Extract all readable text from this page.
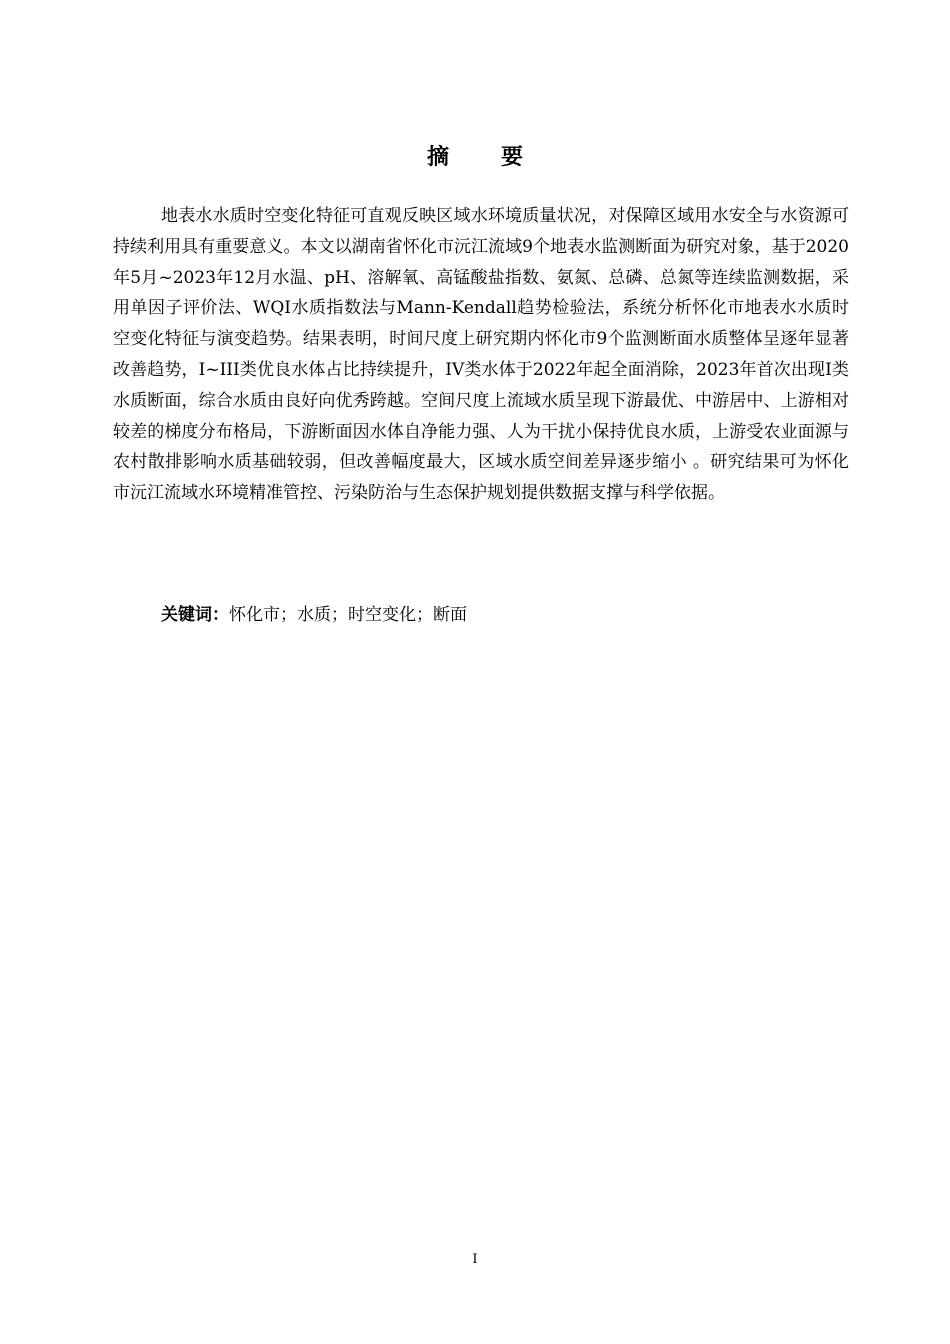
摘要

地表水水质时空变化特征可直观反映区域水环境质量状况，对保障区域用水安全与水资源可持续利用具有重要意义。本文以湖南省怀化市沅江流域9个地表水监测断面为研究对象，基于2020年5月~2023年12月水温、pH、溶解氧、高锰酸盐指数、氨氮、总磷、总氮等连续监测数据，采用单因子评价法、WQI水质指数法与Mann-Kendall趋势检验法，系统分析怀化市地表水水质时空变化特征与演变趋势。结果表明，时间尺度上研究期内怀化市9个监测断面水质整体呈逐年显著改善趋势，I~III类优良水体占比持续提升，IV类水体于2022年起全面消除，2023年首次出现I类水质断面，综合水质由良好向优秀跨越。空间尺度上流域水质呈现下游最优、中游居中、上游相对较差的梯度分布格局，下游断面因水体自净能力强、人为干扰小保持优良水质，上游受农业面源与农村散排影响水质基础较弱，但改善幅度最大，区域水质空间差异逐步缩小 。研究结果可为怀化市沅江流域水环境精准管控、污染防治与生态保护规划提供数据支撑与科学依据。

关键词：怀化市；水质；时空变化；断面

I
